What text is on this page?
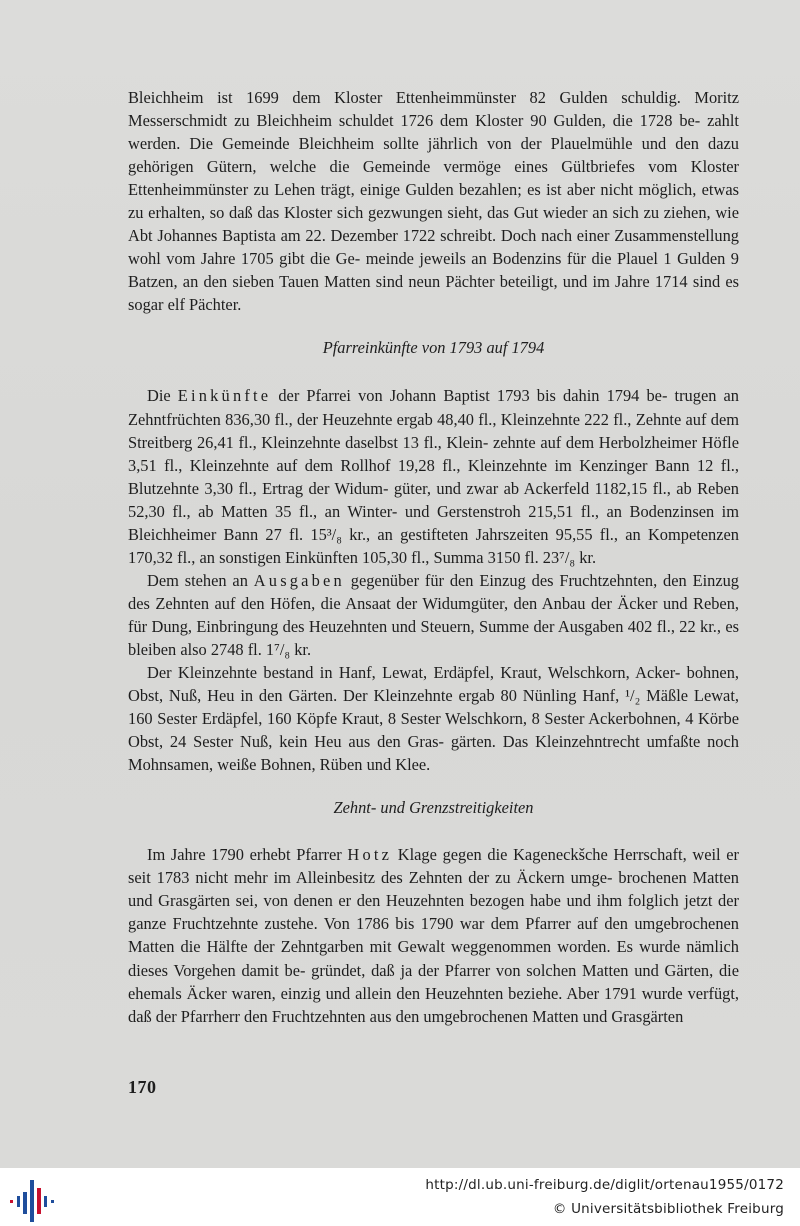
Bleichheim ist 1699 dem Kloster Ettenheimmünster 82 Gulden schuldig. Moritz Messerschmidt zu Bleichheim schuldet 1726 dem Kloster 90 Gulden, die 1728 be- zahlt werden. Die Gemeinde Bleichheim sollte jährlich von der Plauelmühle und den dazu gehörigen Gütern, welche die Gemeinde vermöge eines Gültbriefes vom Kloster Ettenheimmünster zu Lehen trägt, einige Gulden bezahlen; es ist aber nicht möglich, etwas zu erhalten, so daß das Kloster sich gezwungen sieht, das Gut wieder an sich zu ziehen, wie Abt Johannes Baptista am 22. Dezember 1722 schreibt. Doch nach einer Zusammenstellung wohl vom Jahre 1705 gibt die Ge- meinde jeweils an Bodenzins für die Plauel 1 Gulden 9 Batzen, an den sieben Tauen Matten sind neun Pächter beteiligt, und im Jahre 1714 sind es sogar elf Pächter.

Pfarreinkünfte von 1793 auf 1794

Die Einkünfte der Pfarrei von Johann Baptist 1793 bis dahin 1794 be- trugen an Zehntfrüchten 836,30 fl., der Heuzehnte ergab 48,40 fl., Kleinzehnte 222 fl., Zehnte auf dem Streitberg 26,41 fl., Kleinzehnte daselbst 13 fl., Klein- zehnte auf dem Herbolzheimer Höfle 3,51 fl., Kleinzehnte auf dem Rollhof 19,28 fl., Kleinzehnte im Kenzinger Bann 12 fl., Blutzehnte 3,30 fl., Ertrag der Widum- güter, und zwar ab Ackerfeld 1182,15 fl., ab Reben 52,30 fl., ab Matten 35 fl., an Winter- und Gerstenstroh 215,51 fl., an Bodenzinsen im Bleichheimer Bann 27 fl. 15³/₈ kr., an gestifteten Jahrszeiten 95,55 fl., an Kompetenzen 170,32 fl., an sonstigen Einkünften 105,30 fl., Summa 3150 fl. 23⁷/₈ kr.

Dem stehen an Ausgaben gegenüber für den Einzug des Fruchtzehnten, den Einzug des Zehnten auf den Höfen, die Ansaat der Widumgüter, den Anbau der Äcker und Reben, für Dung, Einbringung des Heuzehnten und Steuern, Summe der Ausgaben 402 fl., 22 kr., es bleiben also 2748 fl. 1⁷/₈ kr.

Der Kleinzehnte bestand in Hanf, Lewat, Erdäpfel, Kraut, Welschkorn, Acker- bohnen, Obst, Nuß, Heu in den Gärten. Der Kleinzehnte ergab 80 Nünling Hanf, ¹/₂ Mäßle Lewat, 160 Sester Erdäpfel, 160 Köpfe Kraut, 8 Sester Welschkorn, 8 Sester Ackerbohnen, 4 Körbe Obst, 24 Sester Nuß, kein Heu aus den Gras- gärten. Das Kleinzehntrecht umfaßte noch Mohnsamen, weiße Bohnen, Rüben und Klee.

Zehnt- und Grenzstreitigkeiten

Im Jahre 1790 erhebt Pfarrer Hotz Klage gegen die Kageneckšche Herrschaft, weil er seit 1783 nicht mehr im Alleinbesitz des Zehnten der zu Äckern umge- brochenen Matten und Grasgärten sei, von denen er den Heuzehnten bezogen habe und ihm folglich jetzt der ganze Fruchtzehnte zustehe. Von 1786 bis 1790 war dem Pfarrer auf den umgebrochenen Matten die Hälfte der Zehntgarben mit Gewalt weggenommen worden. Es wurde nämlich dieses Vorgehen damit be- gründet, daß ja der Pfarrer von solchen Matten und Gärten, die ehemals Äcker waren, einzig und allein den Heuzehnten beziehe. Aber 1791 wurde verfügt, daß der Pfarrherr den Fruchtzehnten aus den umgebrochenen Matten und Grasgärten

170
http://dl.ub.uni-freiburg.de/diglit/ortenau1955/0172
© Universitätsbibliothek Freiburg
